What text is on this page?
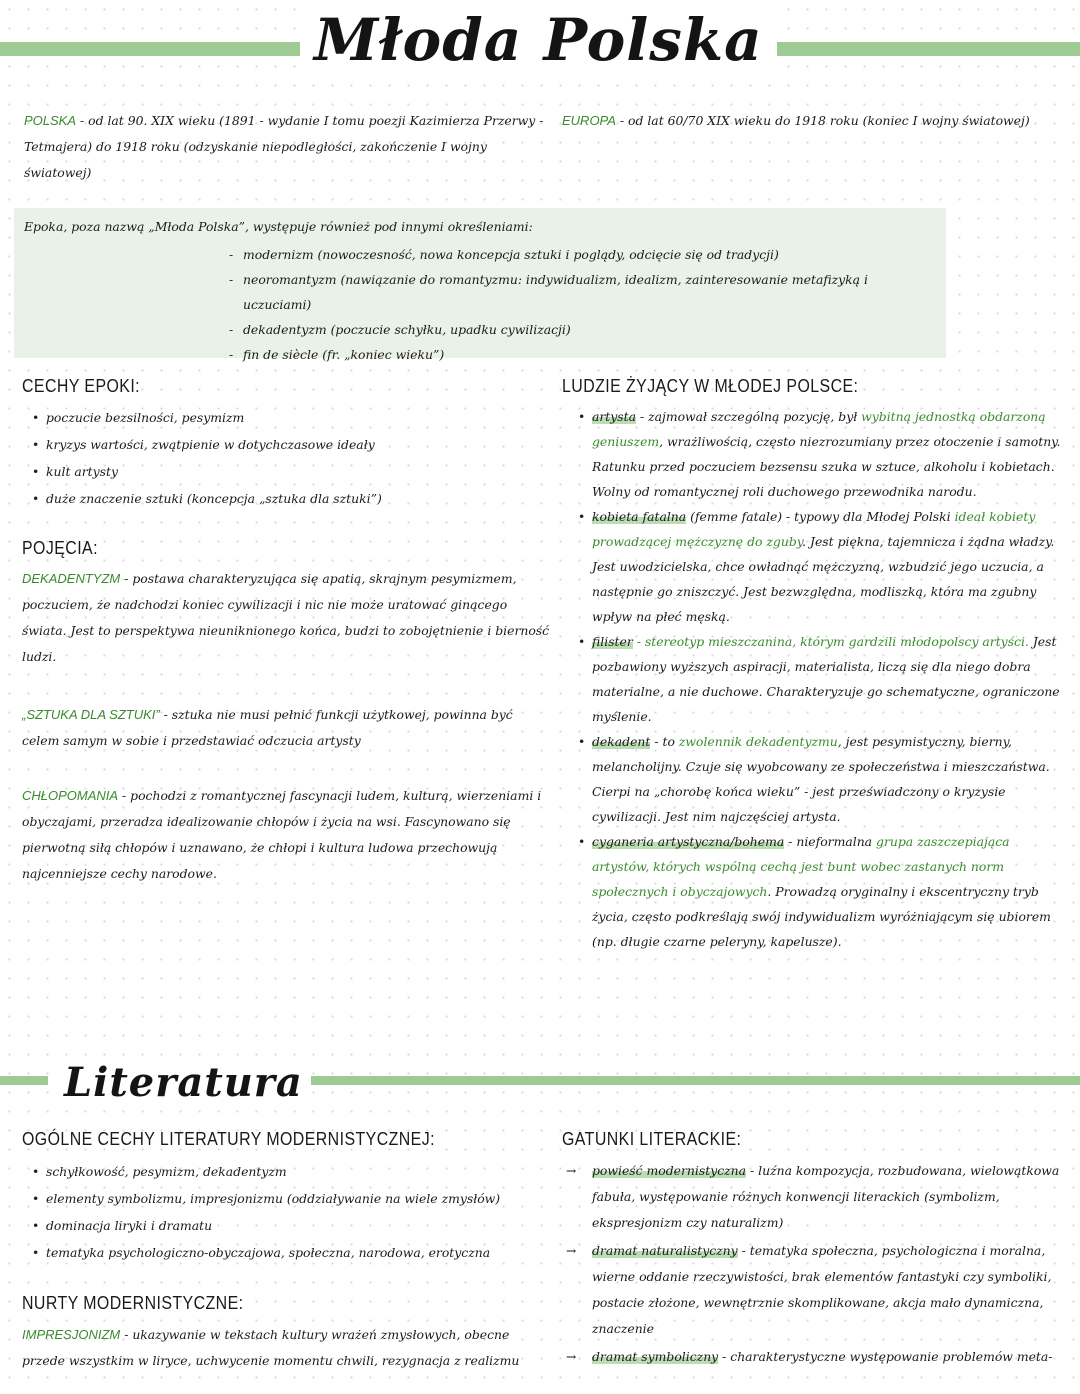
Młoda Polska
POLSKA - od lat 90. XIX wieku (1891 - wydanie I tomu poezji Kazimierza Przerwy - Tetmajera) do 1918 roku (odzyskanie niepodległości, zakończenie I wojny światowej)
EUROPA - od lat 60/70 XIX wieku do 1918 roku (koniec I wojny światowej)
Epoka, poza nazwą „Młoda Polska”, występuje również pod innymi określeniami:
- modernizm (nowoczesność, nowa koncepcja sztuki i poglądy, odcięcie się od tradycji)
- neoromantyzm (nawiązanie do romantyzmu: indywidualizm, idealizm, zainteresowanie metafizyką i uczuciami)
- dekadentyzm (poczucie schyłku, upadku cywilizacji)
- fin de siècle (fr. „koniec wieku”)
CECHY EPOKI:
• poczucie bezsilności, pesymizm
• kryzys wartości, zwątpienie w dotychczasowe ideały
• kult artysty
• duże znaczenie sztuki (koncepcja „sztuka dla sztuki”)
POJĘCIA:
DEKADENTYZM - postawa charakteryzująca się apatią, skrajnym pesymizmem, poczuciem, że nadchodzi koniec cywilizacji i nic nie może uratować ginącego świata. Jest to perspektywa nieuniknionego końca, budzi to zobojętnienie i bierność ludzi.
„SZTUKA DLA SZTUKI” - sztuka nie musi pełnić funkcji użytkowej, powinna być celem samym w sobie i przedstawiać odczucia artysty
CHŁOPOMANIA - pochodzi z romantycznej fascynacji ludem, kulturą, wierzeniami i obyczajami, przeradza idealizowanie chłopów i życia na wsi. Fascynowano się pierwotną siłą chłopów i uznawano, że chłopi i kultura ludowa przechowują najcenniejsze cechy narodowe.
LUDZIE ŻYJĄCY W MŁODEJ POLSCE:
• artysta - zajmował szczególną pozycję, był wybitną jednostką obdarzoną geniuszem, wrażliwością, często niezrozumiany przez otoczenie i samotny. Ratunku przed poczuciem bezsensu szuka w sztuce, alkoholu i kobietach. Wolny od romantycznej roli duchowego przewodnika narodu.
• kobieta fatalna (femme fatale) - typowy dla Młodej Polski ideał kobiety prowadzącej mężczyznę do zguby. Jest piękna, tajemnicza i żądna władzy. Jest uwodzicielska, chce owładnąć mężczyzną, wzbudzić jego uczucia, a następnie go zniszczyć. Jest bezwzględna, modliszką, która ma zgubny wpływ na płeć męską.
• filister - stereotyp mieszczanina, którym gardzili młodopolscy artyści. Jest pozbawiony wyższych aspiracji, materialista, liczą się dla niego dobra materialne, a nie duchowe. Charakteryzuje go schematyczne, ograniczone myślenie.
• dekadent - to zwolennik dekadentyzmu, jest pesymistyczny, bierny, melancholijny. Czuje się wyobcowany ze społeczeństwa i mieszczaństwa. Cierpi na „chorobę końca wieku” - jest przeświadczony o kryzysie cywilizacji. Jest nim najczęściej artysta.
• cyganeria artystyczna/bohema - nieformalna grupa zaszczepiająca artystów, których wspólną cechą jest bunt wobec zastanych norm społecznych i obyczajowych. Prowadzą oryginalny i ekscentryczny tryb życia, często podkreślają swój indywidualizm wyróżniającym się ubiorem (np. długie czarne peleryny, kapelusze).
Literatura
OGÓLNE CECHY LITERATURY MODERNISTYCZNEJ:
• schyłkowość, pesymizm, dekadentyzm
• elementy symbolizmu, impresjonizmu (oddziaływanie na wiele zmysłów)
• dominacja liryki i dramatu
• tematyka psychologiczno-obyczajowa, społeczna, narodowa, erotyczna
NURTY MODERNISTYCZNE:
IMPRESJONIZM - ukazywanie w tekstach kultury wrażeń zmysłowych, obecne przede wszystkim w liryce, uchwycenie momentu chwili, rezygnacja z realizmu
GATUNKI LITERACKIE:
→ powieść modernistyczna - luźna kompozycja, rozbudowana, wielowątkowa fabuła, występowanie różnych konwencji literackich (symbolizm, ekspresjonizm czy naturalizm)
→ dramat naturalistyczny - tematyka społeczna, psychologiczna i moralna, wierne oddanie rzeczywistości, brak elementów fantastyki czy symboliki, postacie złożone, wewnętrznie skomplikowane, akcja mało dynamiczna, znaczenie
→ dramat symboliczny - charakterystyczne występowanie problemów meta-
